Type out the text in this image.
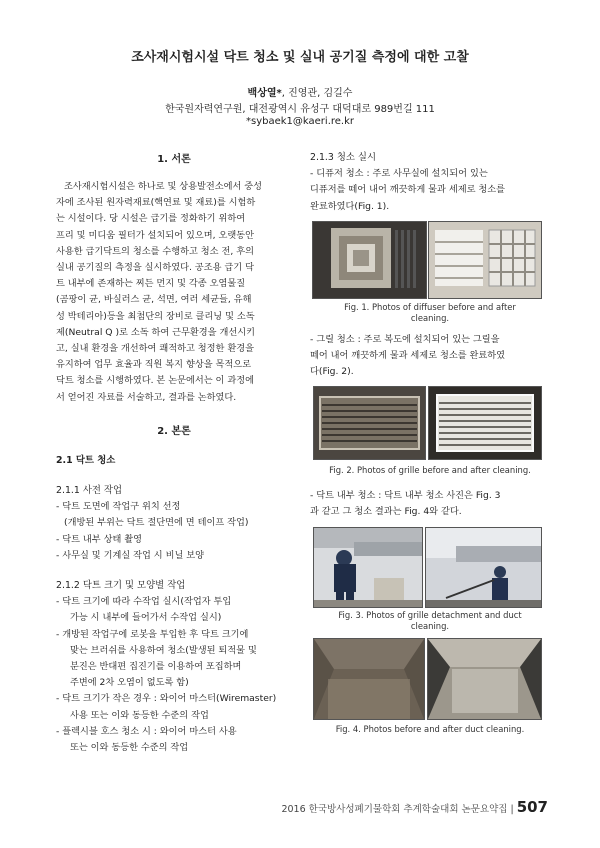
조사재시험시설 닥트 청소 및 실내 공기질 측정에 대한 고찰
백상열*, 진영관, 김길수
한국원자력연구원, 대전광역시 유성구 대덕대로 989번길 111
*sybaek1@kaeri.re.kr

1. 서론

조사재시험시설은 하나로 및 상용발전소에서 중성

자에 조사된 원자력재료(핵연료 및 재료)를 시험하

는 시설이다. 당 시설은 급기를 정화하기 위하여

프리 및 미디움 필터가 설치되어 있으며, 오랫동안

사용한 급기닥트의 청소를 수행하고 청소 전, 후의

실내 공기질의 측정을 실시하였다. 공조용 급기 닥

트 내부에 존재하는 찌든 먼지 및 각종 오염물질

(곰팡이 균, 바실러스 균, 석면, 여러 세균들, 유해

성 박테리아)등을 최첨단의 장비로 클리닝 및 소독

제(Neutral Q )로 소독 하여 근무환경을 개선시키

고, 실내 환경을 개선하여 쾌적하고 청정한 환경을

유지하여 업무 효율과 직원 복지 향상을 목적으로

닥트 청소를 시행하였다. 본 논문에서는 이 과정에

서 얻어진 자료를 서술하고, 결과를 논하였다.

2. 본론

2.1 닥트 청소

2.1.1 사전 작업

- 닥트 도면에 작업구 위치 선정

(개방된 부위는 닥트 절단면에 면 테이프 작업)

- 닥트 내부 상태 촬영

- 사무실 및 기계실 작업 시 비닐 보양

2.1.2 닥트 크기 및 모양별 작업

- 닥트 크기에 따라 수작업 실시(작업자 투입

가능 시 내부에 들어가서 수작업 실시)

- 개방된 작업구에 로봇을 투입한 후 닥트 크기에

맞는 브러쉬를 사용하여 청소(발생된 퇴적물 및

분진은 반대편 집진기를 이용하여 포집하며

주변에 2차 오염이 없도록 함)

- 닥트 크기가 작은 경우 : 와이어 마스터(Wiremaster)

사용 또는 이와 동등한 수준의 작업

- 플렉시블 호스 청소 시 : 와이어 마스터 사용

또는 이와 동등한 수준의 작업

2.1.3 청소 실시

- 디퓨저 청소 : 주로 사무실에 설치되어 있는

디퓨저를 떼어 내어 깨끗하게 물과 세제로 청소를

완료하였다(Fig. 1).

Fig. 1. Photos of diffuser before and after

cleaning.

- 그릴 청소 : 주로 복도에 설치되어 있는 그릴을

떼어 내어 깨끗하게 물과 세제로 청소를 완료하였

다(Fig. 2).

Fig. 2. Photos of grille before and after cleaning.

- 닥트 내부 청소 : 닥트 내부 청소 사진은 Fig. 3

과 같고 그 청소 결과는 Fig. 4와 같다.

Fig. 3. Photos of grille detachment and duct

cleaning.

Fig. 4. Photos before and after duct cleaning.

2016 한국방사성폐기물학회 추계학술대회 논문요약집 | 507
